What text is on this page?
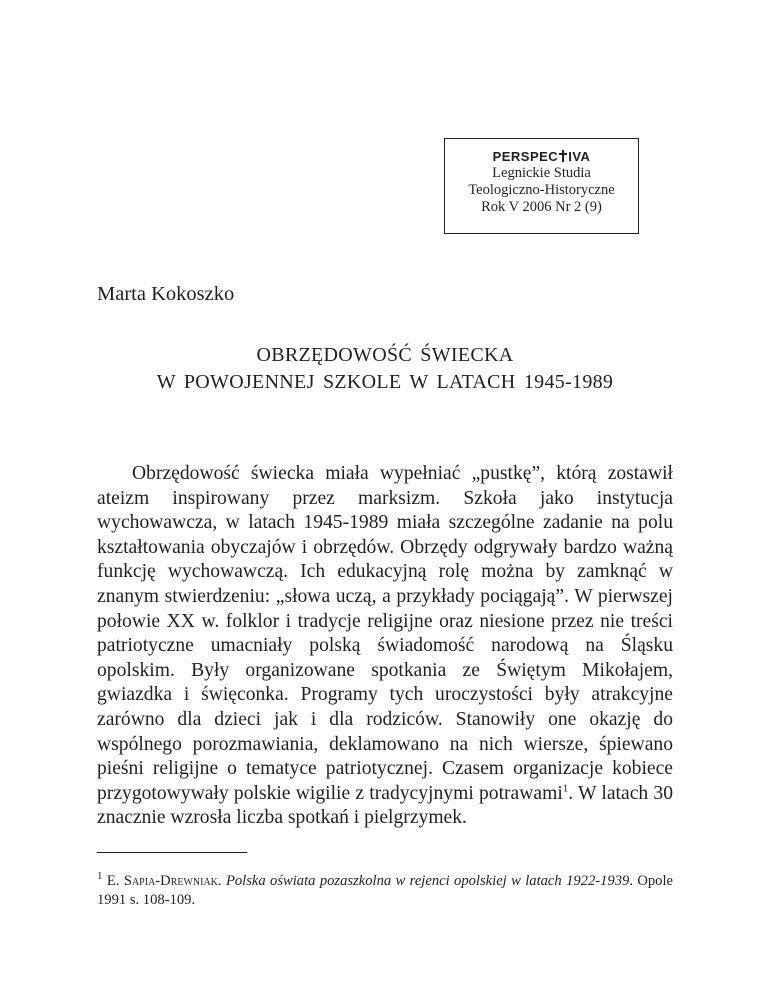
PERSPEC IVA
Legnickie Studia
Teologiczno-Historyczne
Rok V 2006 Nr 2 (9)
Marta Kokoszko
OBRZĘDOWOŚĆ ŚWIECKA
W POWOJENNEJ SZKOLE W LATACH 1945-1989

Obrzędowość świecka miała wypełniać „pustkę”, którą zostawił ateizm inspirowany przez marksizm. Szkoła jako instytucja wychowawcza, w latach 1945-1989 miała szczególne zadanie na polu kształtowania obyczajów i obrzędów. Obrzędy odgrywały bardzo ważną funkcję wychowawczą. Ich edukacyjną rolę można by zamknąć w znanym stwierdzeniu: „słowa uczą, a przykłady pociągają”. W pierwszej połowie XX w. folklor i tradycje religijne oraz niesione przez nie treści patriotyczne umacniały polską świadomość narodową na Śląsku opolskim. Były organizowane spotkania ze Świętym Mikołajem, gwiazdka i święconka. Programy tych uroczystości były atrakcyjne zarówno dla dzieci jak i dla rodziców. Stanowiły one okazję do wspólnego porozmawiania, deklamowano na nich wiersze, śpiewano pieśni religijne o tematyce patriotycznej. Czasem organizacje kobiece przygotowywały polskie wigilie z tradycyjnymi potrawami$^1$. W latach 30 znacznie wzrosła liczba spotkań i pielgrzymek.

$^1$ E. Sapia-Drewniak. Polska oświata pozaszkolna w rejenci opolskiej w latach 1922-1939. Opole 1991 s. 108-109.
